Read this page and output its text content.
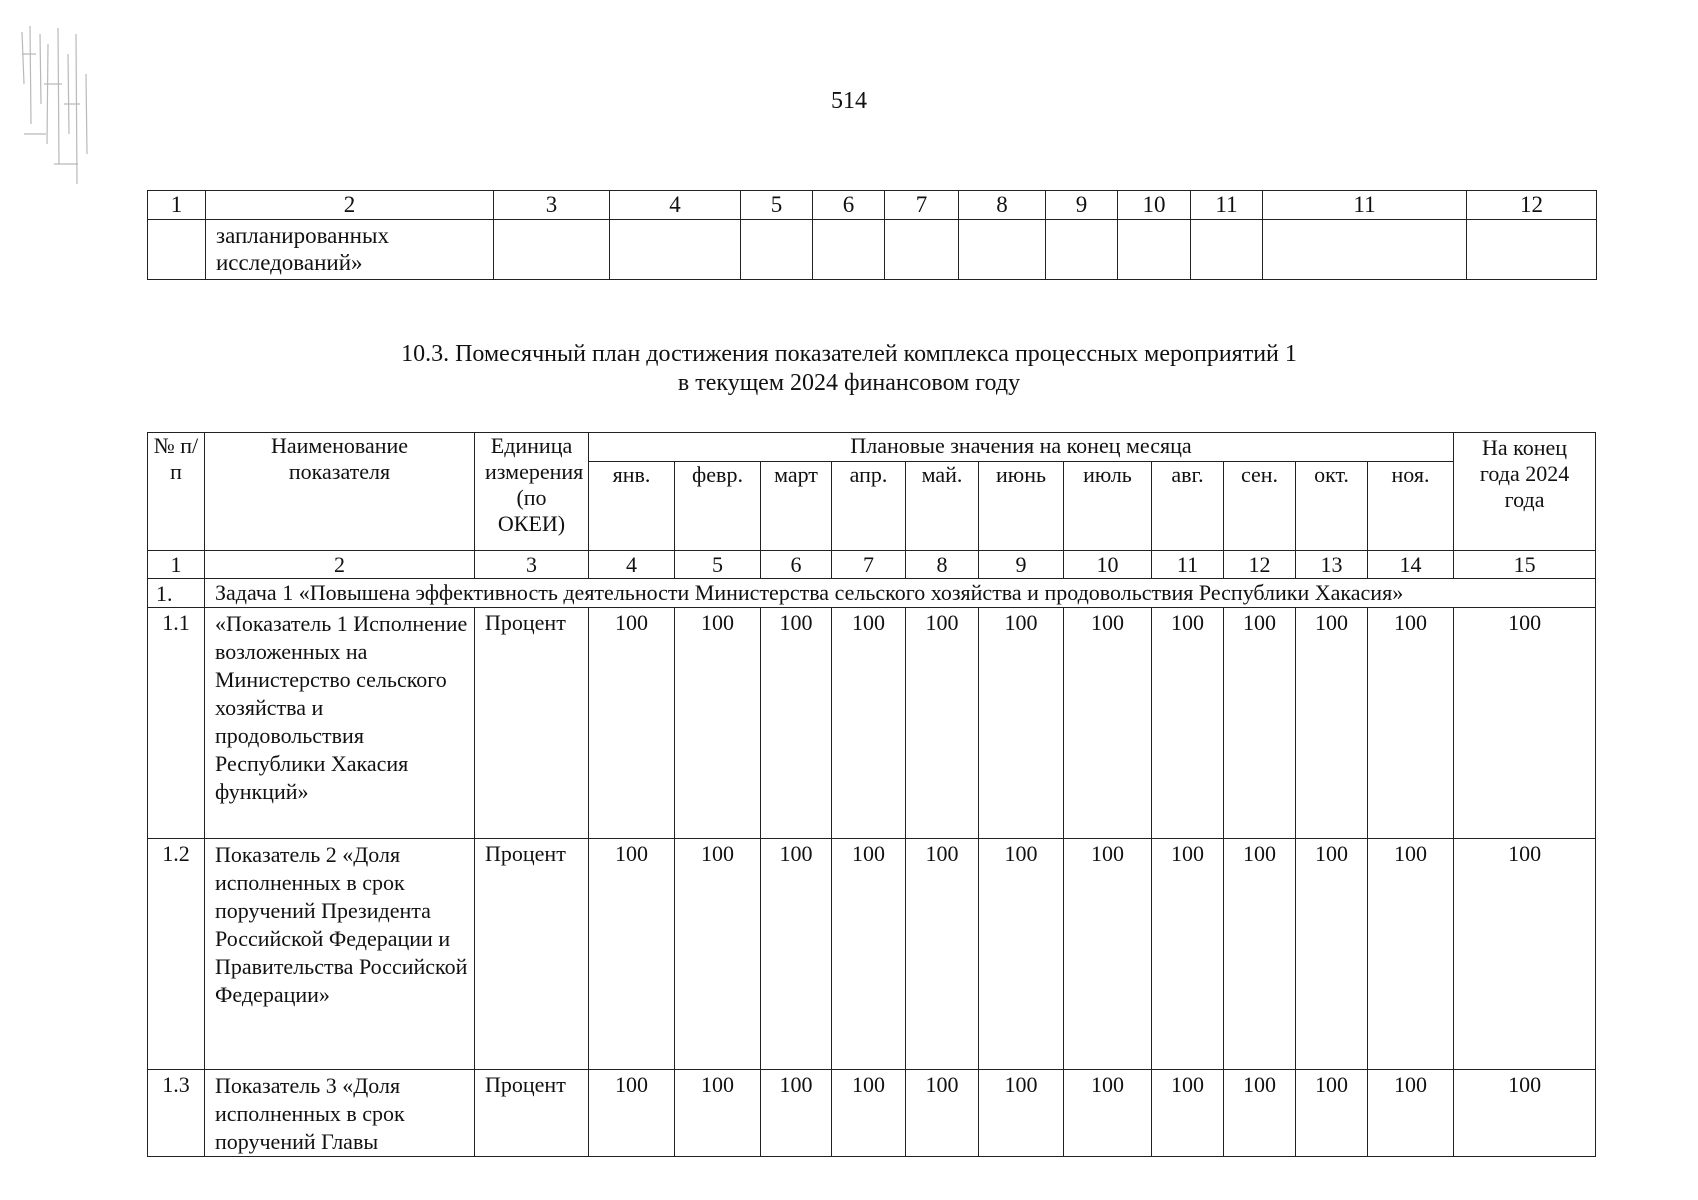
514
1	2	3	4	5	6	7	8	9	10	11	11	12
	запланированных исследований»											
10.3. Помесячный план достижения показателей комплекса процессных мероприятий 1
в текущем 2024 финансовом году
№ п/п	Наименование показателя	Единица измерения (по ОКЕИ)	Плановые значения на конец месяца											На конец года 2024 года
			янв.	февр.	март	апр.	май.	июнь	июль	авг.	сен.	окт.	ноя.	
1	2	3	4	5	6	7	8	9	10	11	12	13	14	15
1.	Задача 1 «Повышена эффективность деятельности Министерства сельского хозяйства и продовольствия Республики Хакасия»													
1.1	«Показатель 1 Исполнение возложенных на Министерство сельского хозяйства и продовольствия Республики Хакасия функций»	Процент	100	100	100	100	100	100	100	100	100	100	100	100
1.2	Показатель 2 «Доля исполненных в срок поручений Президента Российской Федерации и Правительства Российской Федерации»	Процент	100	100	100	100	100	100	100	100	100	100	100	100
1.3	Показатель 3 «Доля исполненных в срок поручений Главы	Процент	100	100	100	100	100	100	100	100	100	100	100	100
